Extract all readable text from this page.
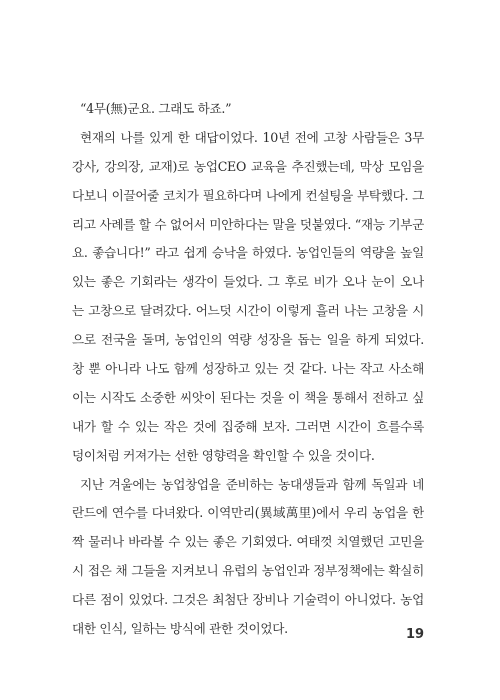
“4무(無)군요. 그래도 하죠.”
현재의 나를 있게 한 대답이었다. 10년 전에 고창 사람들은 3무
강사, 강의장, 교재)로 농업CEO 교육을 추진했는데, 막상 모임을
다보니 이끌어줄 코치가 필요하다며 나에게 컨설팅을 부탁했다. 그
리고 사례를 할 수 없어서 미안하다는 말을 덧붙였다. “재능 기부군
요. 좋습니다!” 라고 쉽게 승낙을 하였다. 농업인들의 역량을 높일
있는 좋은 기회라는 생각이 들었다. 그 후로 비가 오나 눈이 오나
는 고창으로 달려갔다. 어느덧 시간이 이렇게 흘러 나는 고창을 시
으로 전국을 돌며, 농업인의 역량 성장을 돕는 일을 하게 되었다.
창 뿐 아니라 나도 함께 성장하고 있는 것 같다. 나는 작고 사소해
이는 시작도 소중한 씨앗이 된다는 것을 이 책을 통해서 전하고 싶
내가 할 수 있는 작은 것에 집중해 보자. 그러면 시간이 흐를수록
덩이처럼 커져가는 선한 영향력을 확인할 수 있을 것이다.
지난 겨울에는 농업창업을 준비하는 농대생들과 함께 독일과 네
란드에 연수를 다녀왔다. 이역만리(異域萬里)에서 우리 농업을 한
짝 물러나 바라볼 수 있는 좋은 기회였다. 여태껏 치열했던 고민을
시 접은 채 그들을 지켜보니 유럽의 농업인과 정부정책에는 확실히
다른 점이 있었다. 그것은 최첨단 장비나 기술력이 아니었다. 농업
대한 인식, 일하는 방식에 관한 것이었다.	19
